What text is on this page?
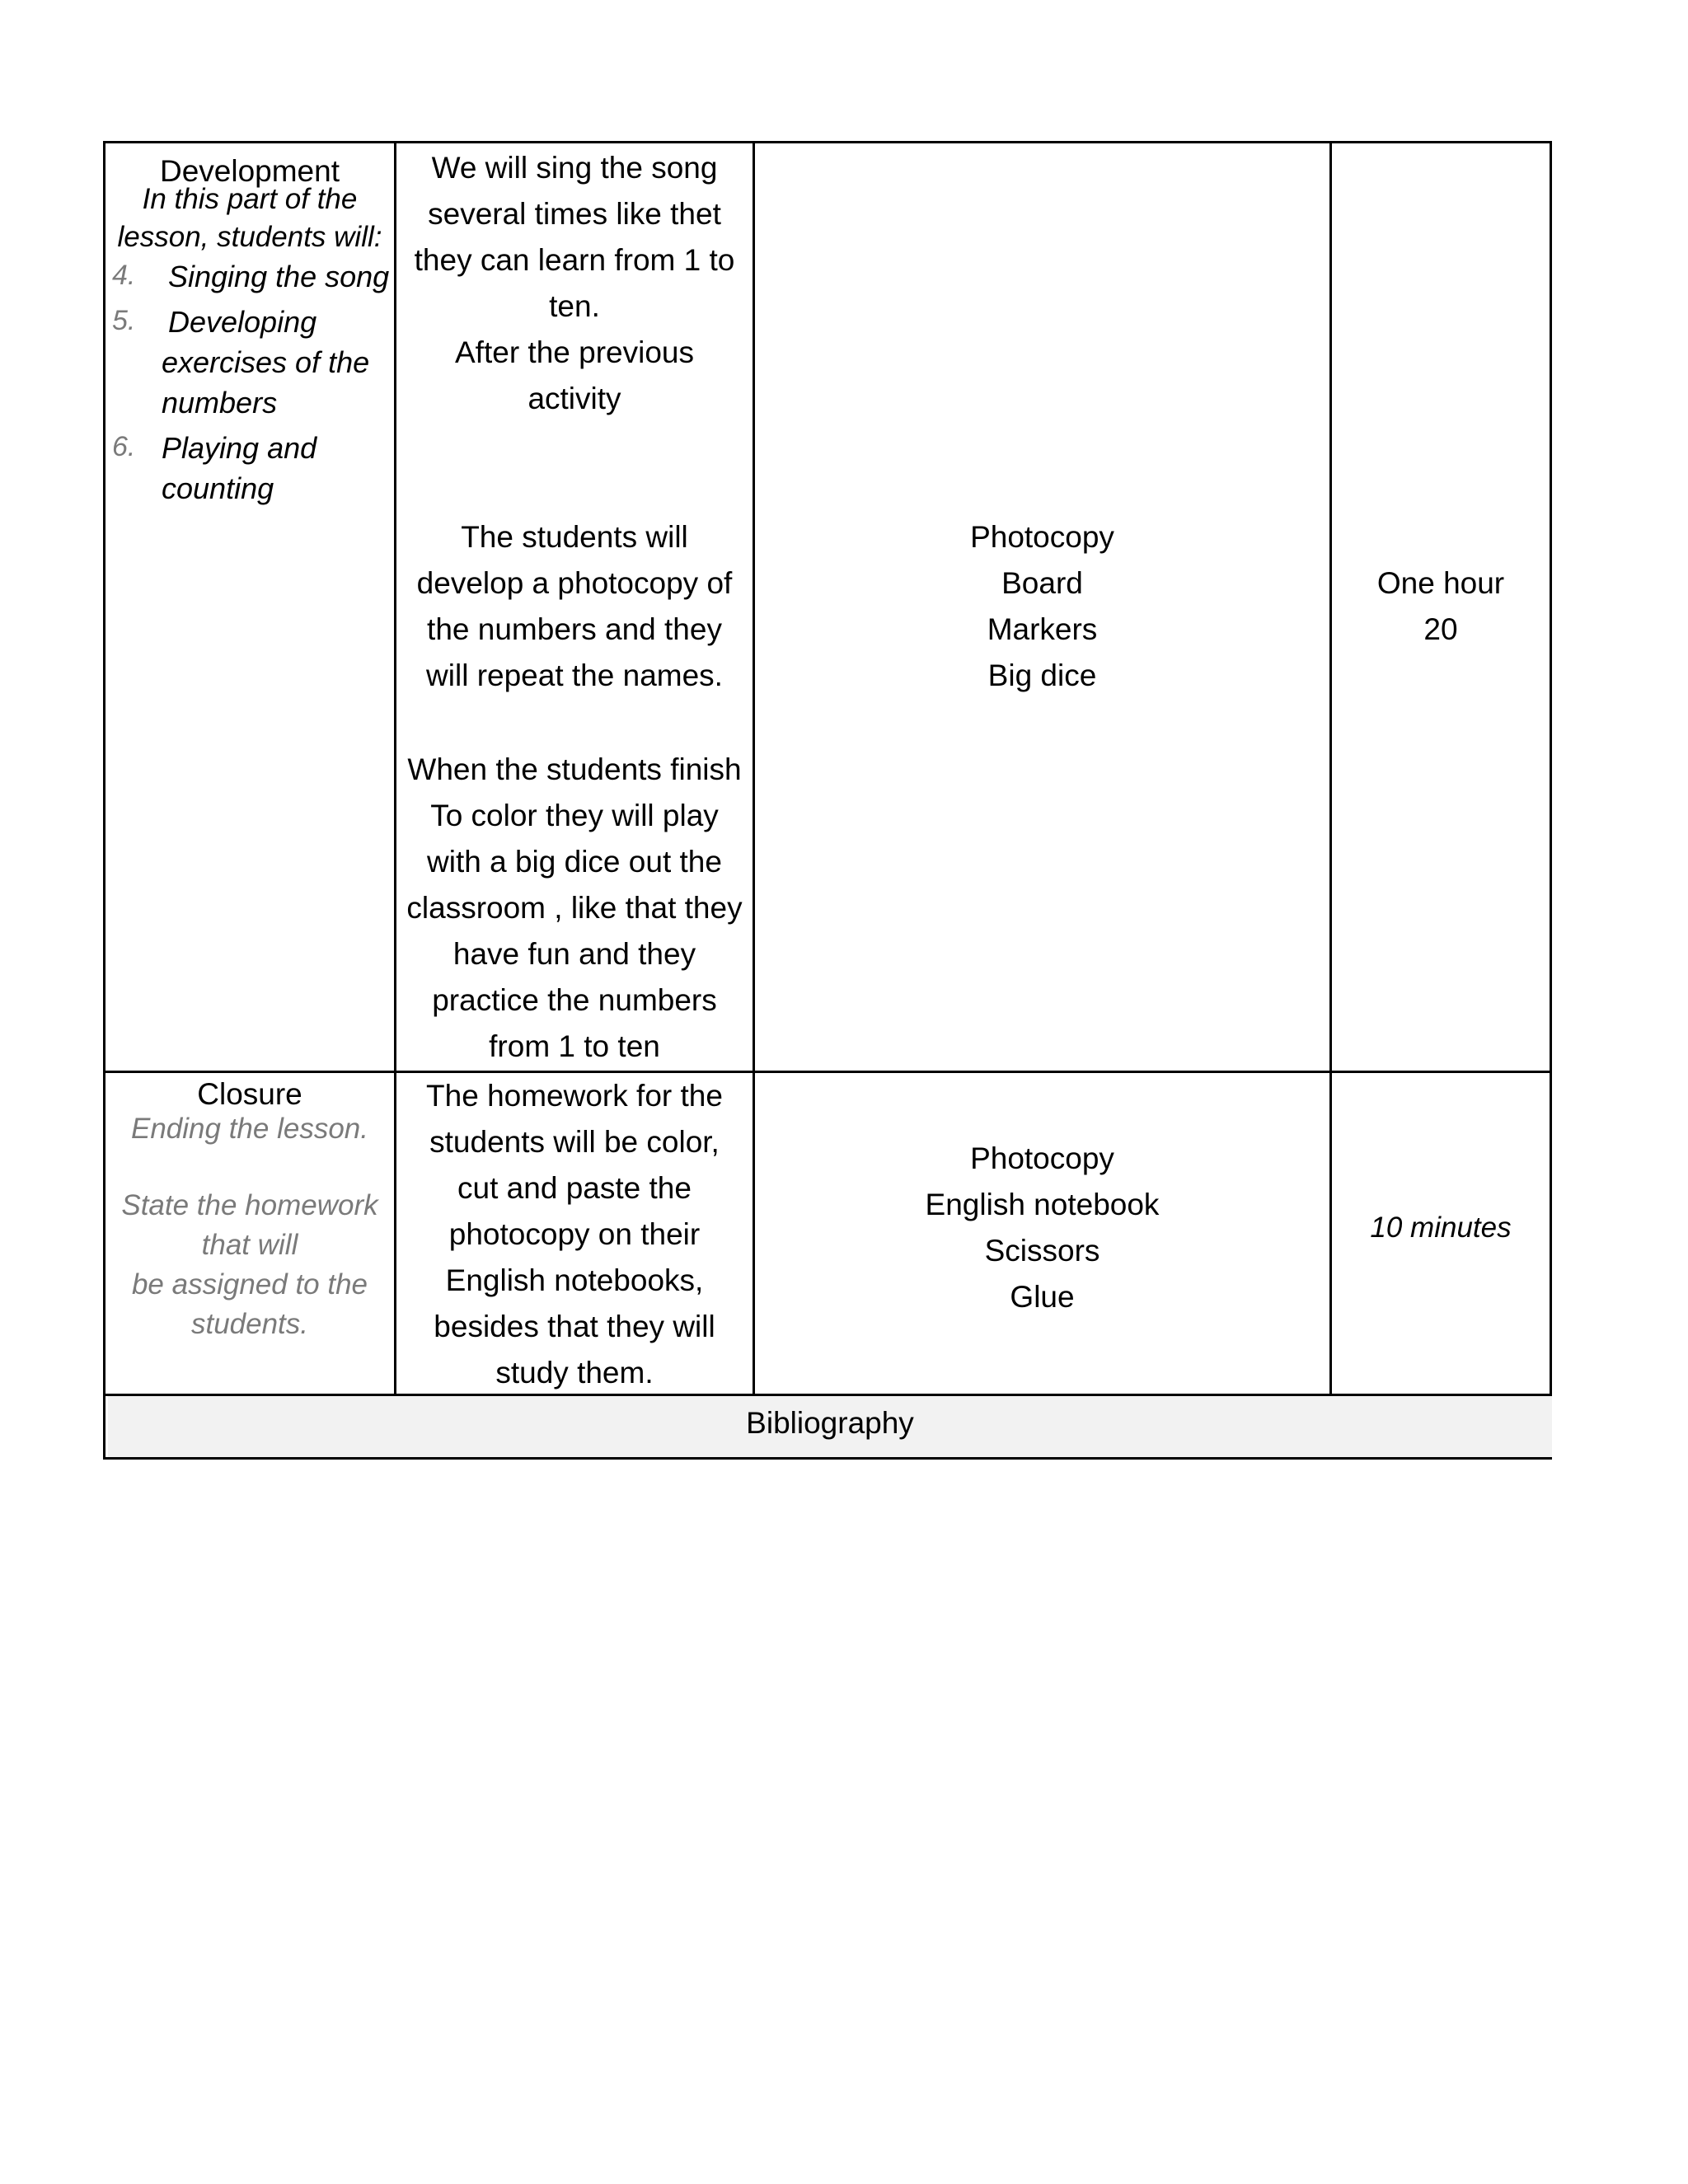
Development
In this part of the
lesson, students will:
4. Singing the song
5. Developing
exercises of the
numbers
6. Playing and
counting
We will sing the song
several times like thet
they can learn from 1 to
ten.
After the previous
activity
The students will
develop a photocopy of
the numbers and they
will repeat the names.
When the students finish
To color they will play
with a big dice out the
classroom , like that they
have fun and they
practice the numbers
from 1 to ten
Photocopy
Board
Markers
Big dice
One hour
20
Closure
Ending the lesson.
State the homework
that will
be assigned to the
students.
The homework for the
students will be color,
cut and paste the
photocopy on their
English notebooks,
besides that they will
study them.
Photocopy
English notebook
Scissors
Glue
10 minutes
Bibliography
